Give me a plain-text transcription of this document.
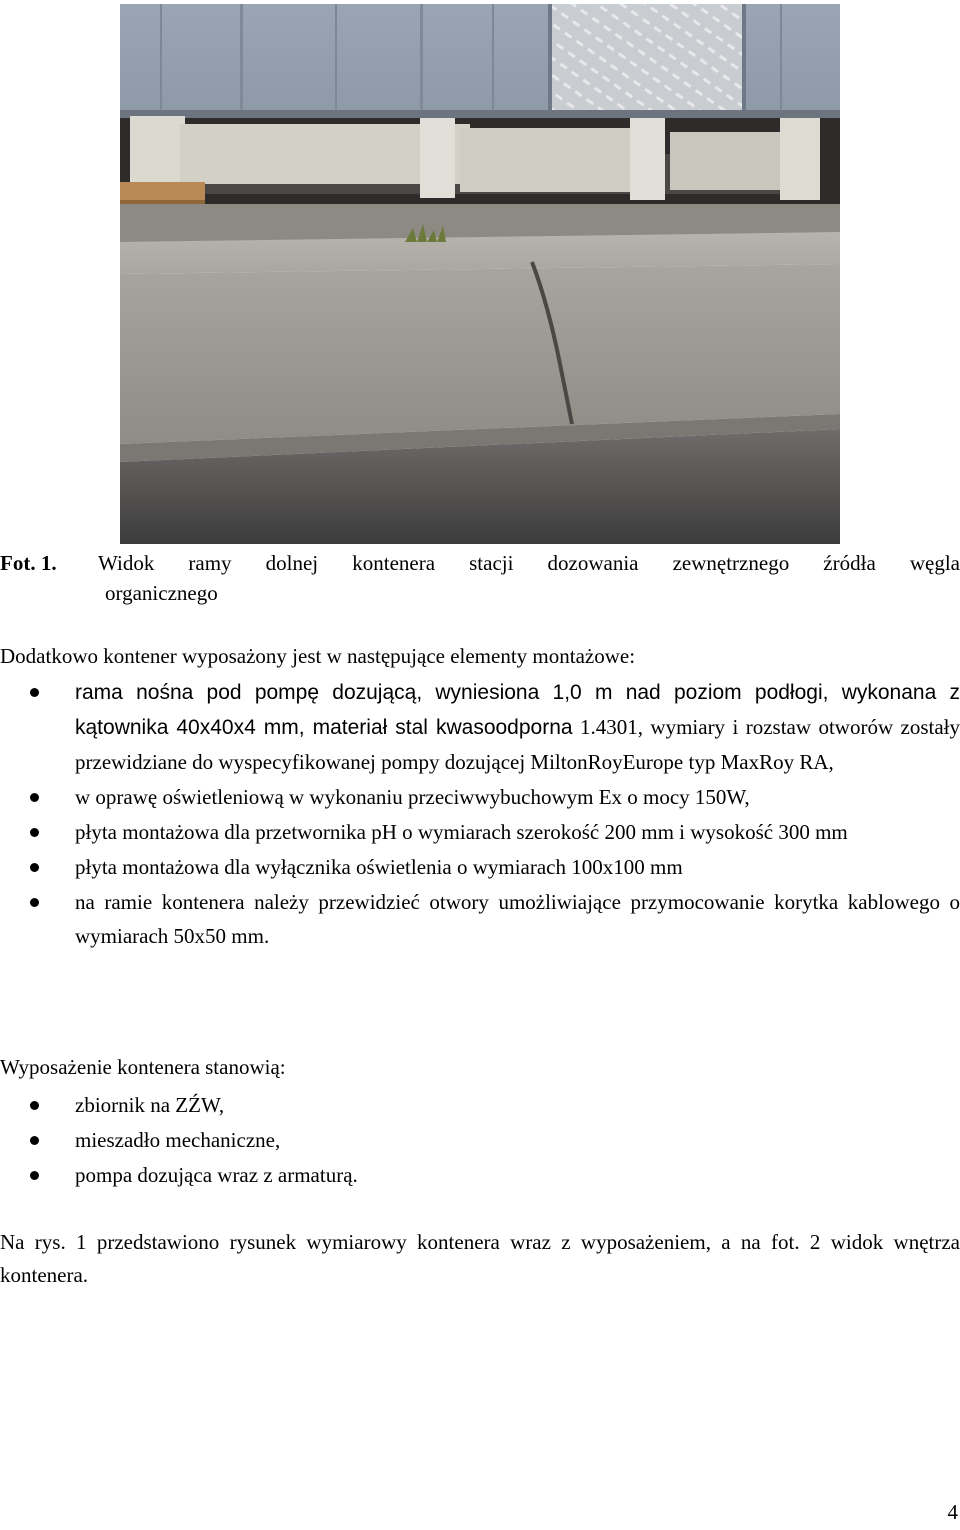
Fot. 1.	Widok ramy dolnej kontenera stacji dozowania zewnętrznego źródła węgla
organicznego
Dodatkowo kontener wyposażony jest w następujące elementy montażowe:
rama nośna pod pompę dozującą, wyniesiona 1,0 m nad poziom podłogi, wykonana z kątownika 40x40x4 mm, materiał stal kwasoodporna 1.4301, wymiary i rozstaw otworów zostały przewidziane do wyspecyfikowanej pompy dozującej MiltonRoyEurope typ MaxRoy RA,
w oprawę oświetleniową w wykonaniu przeciwwybuchowym Ex o mocy 150W,
płyta montażowa dla przetwornika pH o wymiarach szerokość 200 mm i wysokość 300 mm
płyta montażowa dla wyłącznika oświetlenia o wymiarach 100x100 mm
na ramie kontenera należy przewidzieć otwory umożliwiające przymocowanie korytka kablowego o wymiarach 50x50 mm.
Wyposażenie kontenera stanowią:
zbiornik na ZŹW,
mieszadło mechaniczne,
pompa dozująca wraz z armaturą.
Na rys. 1 przedstawiono rysunek wymiarowy kontenera wraz z wyposażeniem, a na fot. 2 widok wnętrza kontenera.
4
